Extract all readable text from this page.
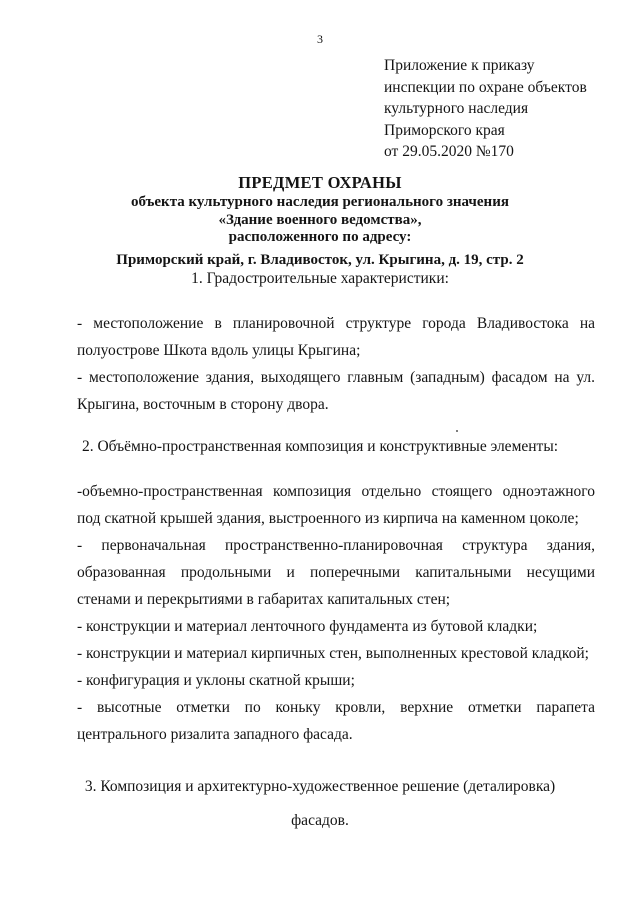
3
Приложение к приказу
инспекции по охране объектов
культурного наследия
Приморского края
от 29.05.2020 №170
ПРЕДМЕТ ОХРАНЫ
объекта культурного наследия регионального значения
«Здание военного ведомства»,
расположенного по адресу:
Приморский край, г. Владивосток, ул. Крыгина, д. 19, стр. 2
1. Градостроительные характеристики:

- местоположение в планировочной структуре города Владивостока на полуострове Шкота вдоль улицы Крыгина;

- местоположение здания, выходящего главным (западным) фасадом на ул. Крыгина, восточным в сторону двора.

2. Объёмно-пространственная композиция и конструктивные элементы:

-объемно-пространственная композиция отдельно стоящего одноэтажного под скатной крышей здания, выстроенного из кирпича на каменном цоколе;

- первоначальная пространственно-планировочная структура здания, образованная продольными и поперечными капитальными несущими стенами и перекрытиями в габаритах капитальных стен;

- конструкции и материал ленточного фундамента из бутовой кладки;

- конструкции и материал кирпичных стен, выполненных крестовой кладкой;

- конфигурация и уклоны скатной крыши;

- высотные отметки по коньку кровли, верхние отметки парапета центрального ризалита западного фасада.

3. Композиция и архитектурно-художественное решение (деталировка)
фасадов.
